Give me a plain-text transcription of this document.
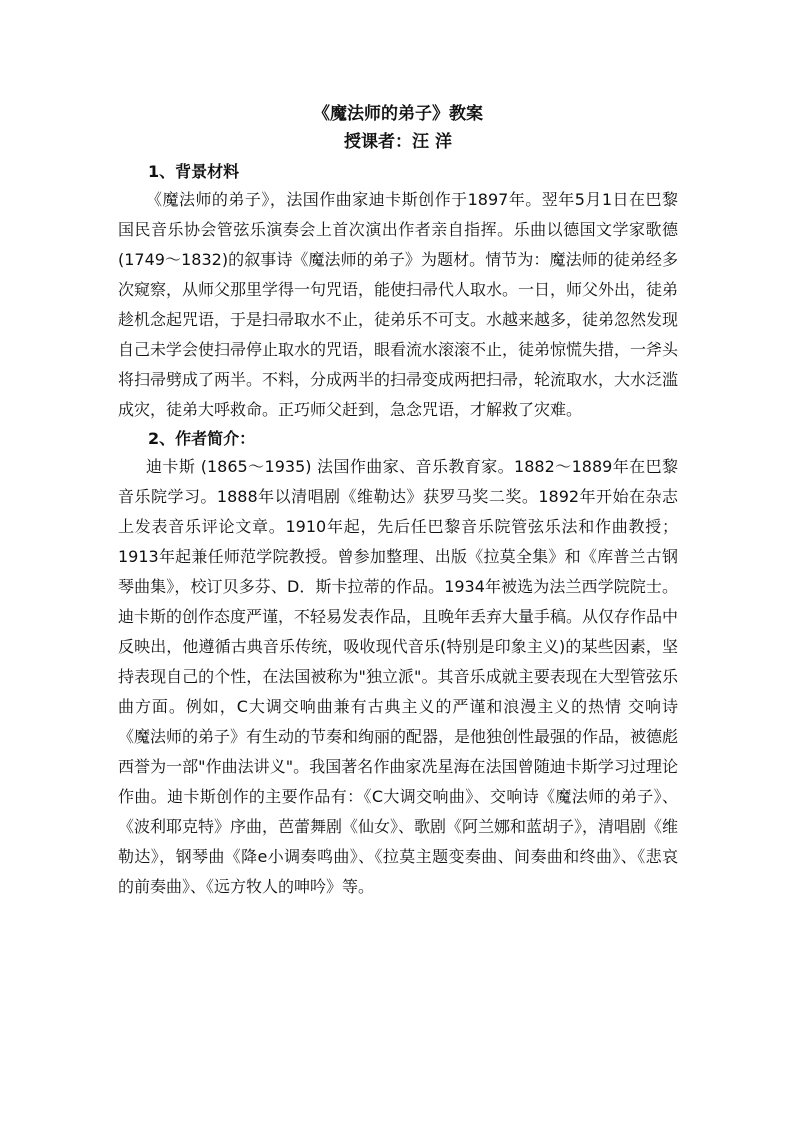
《魔法师的弟子》教案
授课者：汪 洋
1、背景材料

《魔法师的弟子》，法国作曲家迪卡斯创作于1897年。翌年5月1日在巴黎国民音乐协会管弦乐演奏会上首次演出作者亲自指挥。乐曲以德国文学家歌德(1749～1832)的叙事诗《魔法师的弟子》为题材。情节为：魔法师的徒弟经多次窥察，从师父那里学得一句咒语，能使扫帚代人取水。一日，师父外出，徒弟趁机念起咒语，于是扫帚取水不止，徒弟乐不可支。水越来越多，徒弟忽然发现自己未学会使扫帚停止取水的咒语，眼看流水滚滚不止，徒弟惊慌失措，一斧头将扫帚劈成了两半。不料，分成两半的扫帚变成两把扫帚，轮流取水，大水泛滥成灾，徒弟大呼救命。正巧师父赶到，急念咒语，才解救了灾难。

2、作者简介：

迪卡斯 (1865～1935) 法国作曲家、音乐教育家。1882～1889年在巴黎音乐院学习。1888年以清唱剧《维勒达》获罗马奖二奖。1892年开始在杂志上发表音乐评论文章。1910年起，先后任巴黎音乐院管弦乐法和作曲教授；1913年起兼任师范学院教授。曾参加整理、出版《拉莫全集》和《库普兰古钢琴曲集》，校订贝多芬、D．斯卡拉蒂的作品。1934年被选为法兰西学院院士。迪卡斯的创作态度严谨，不轻易发表作品，且晚年丢弃大量手稿。从仅存作品中反映出，他遵循古典音乐传统，吸收现代音乐(特别是印象主义)的某些因素，坚持表现自己的个性，在法国被称为"独立派"。其音乐成就主要表现在大型管弦乐曲方面。例如，C大调交响曲兼有古典主义的严谨和浪漫主义的热情 交响诗《魔法师的弟子》有生动的节奏和绚丽的配器，是他独创性最强的作品，被德彪西誉为一部"作曲法讲义"。我国著名作曲家冼星海在法国曾随迪卡斯学习过理论作曲。迪卡斯创作的主要作品有：《C大调交响曲》、交响诗《魔法师的弟子》、《波利耶克特》序曲，芭蕾舞剧《仙女》、歌剧《阿兰娜和蓝胡子》，清唱剧《维勒达》，钢琴曲《降e小调奏鸣曲》、《拉莫主题变奏曲、间奏曲和终曲》、《悲哀的前奏曲》、《远方牧人的呻吟》等。
